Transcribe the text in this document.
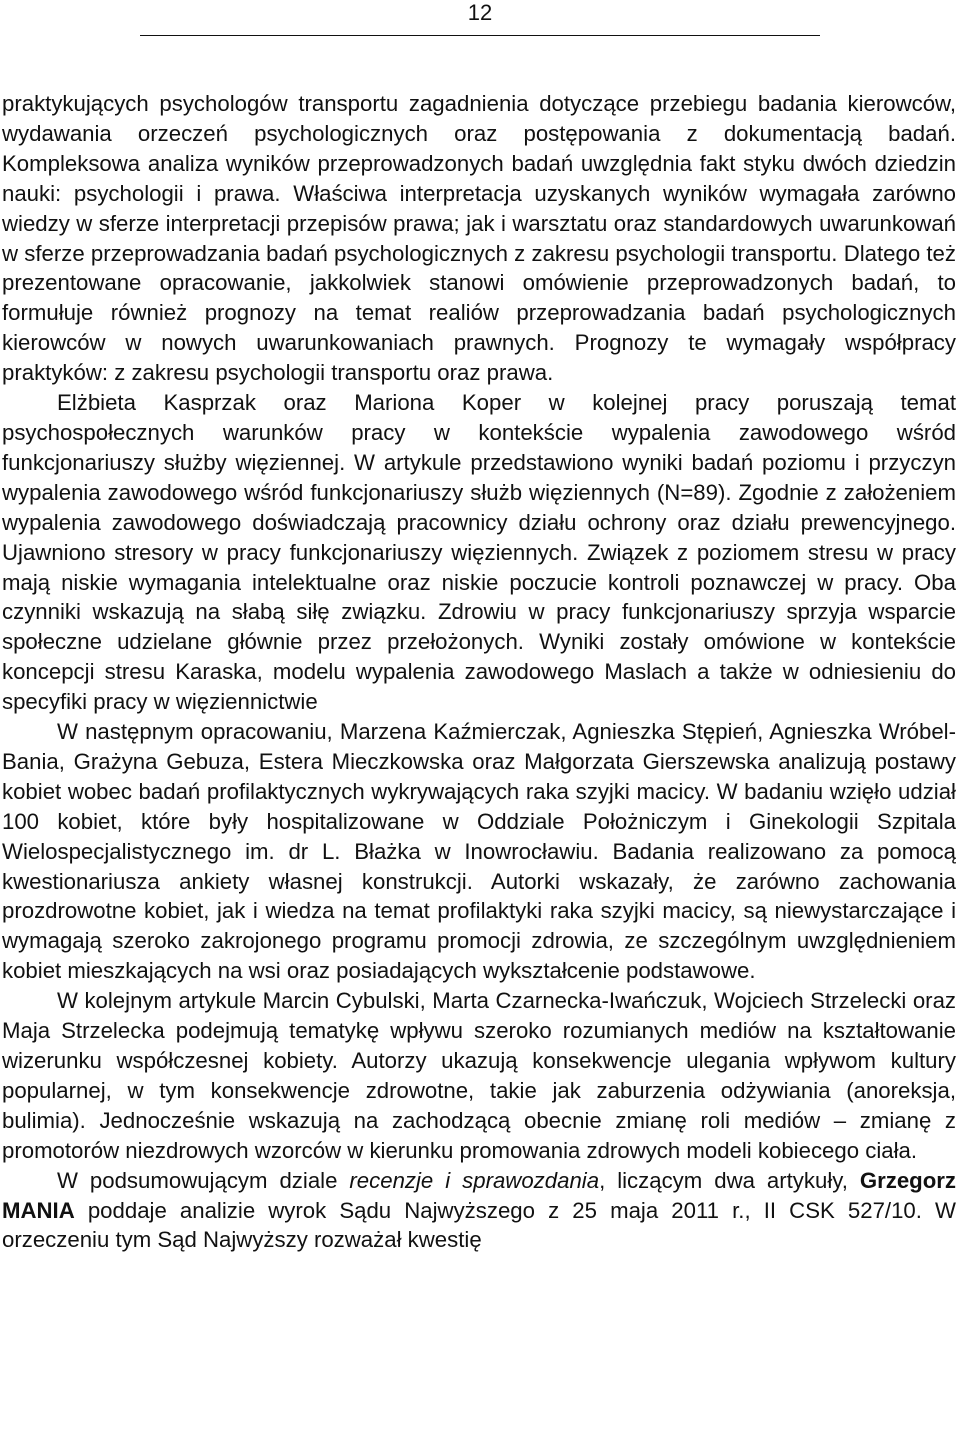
12

praktykujących psychologów transportu zagadnienia dotyczące przebiegu badania kierowców, wydawania orzeczeń psychologicznych oraz postępowania z dokumentacją badań. Kompleksowa analiza wyników przeprowadzonych badań uwzględnia fakt styku dwóch dziedzin nauki: psychologii i prawa. Właściwa interpretacja uzyskanych wyników wymagała zarówno wiedzy w sferze interpretacji przepisów prawa; jak i warsztatu oraz standardowych uwarunkowań w sferze przeprowadzania badań psychologicznych z zakresu psychologii transportu. Dlatego też prezentowane opracowanie, jakkolwiek stanowi omówienie przeprowadzonych badań, to formułuje również prognozy na temat realiów przeprowadzania badań psychologicznych kierowców w nowych uwarunkowaniach prawnych. Prognozy te wymagały współpracy praktyków: z zakresu psychologii transportu oraz prawa.

Elżbieta Kasprzak oraz Mariona Koper w kolejnej pracy poruszają temat psychospołecznych warunków pracy w kontekście wypalenia zawodowego wśród funkcjonariuszy służby więziennej. W artykule przedstawiono wyniki badań poziomu i przyczyn wypalenia zawodowego wśród funkcjonariuszy służb więziennych (N=89). Zgodnie z założeniem wypalenia zawodowego doświadczają pracownicy działu ochrony oraz działu prewencyjnego. Ujawniono stresory w pracy funkcjonariuszy więziennych. Związek z poziomem stresu w pracy mają niskie wymagania intelektualne oraz niskie poczucie kontroli poznawczej w pracy. Oba czynniki wskazują na słabą siłę związku. Zdrowiu w pracy funkcjonariuszy sprzyja wsparcie społeczne udzielane głównie przez przełożonych. Wyniki zostały omówione w kontekście koncepcji stresu Karaska, modelu wypalenia zawodowego Maslach a także w odniesieniu do specyfiki pracy w więziennictwie

W następnym opracowaniu, Marzena Kaźmierczak, Agnieszka Stępień, Agnieszka Wróbel-Bania, Grażyna Gebuza, Estera Mieczkowska oraz Małgorzata Gierszewska analizują postawy kobiet wobec badań profilaktycznych wykrywających raka szyjki macicy. W badaniu wzięło udział 100 kobiet, które były hospitalizowane w Oddziale Położniczym i Ginekologii Szpitala Wielospecjalistycznego im. dr L. Błażka w Inowrocławiu. Badania realizowano za pomocą kwestionariusza ankiety własnej konstrukcji. Autorki wskazały, że zarówno zachowania prozdrowotne kobiet, jak i wiedza na temat profilaktyki raka szyjki macicy, są niewystarczające i wymagają szeroko zakrojonego programu promocji zdrowia, ze szczególnym uwzględnieniem kobiet mieszkających na wsi oraz posiadających wykształcenie podstawowe.

W kolejnym artykule Marcin Cybulski, Marta Czarnecka-Iwańczuk, Wojciech Strzelecki oraz Maja Strzelecka podejmują tematykę wpływu szeroko rozumianych mediów na kształtowanie wizerunku współczesnej kobiety. Autorzy ukazują konsekwencje ulegania wpływom kultury popularnej, w tym konsekwencje zdrowotne, takie jak zaburzenia odżywiania (anoreksja, bulimia). Jednocześnie wskazują na zachodzącą obecnie zmianę roli mediów – zmianę z promotorów niezdrowych wzorców w kierunku promowania zdrowych modeli kobiecego ciała.

W podsumowującym dziale recenzje i sprawozdania, liczącym dwa artykuły, Grzegorz MANIA poddaje analizie wyrok Sądu Najwyższego z 25 maja 2011 r., II CSK 527/10. W orzeczeniu tym Sąd Najwyższy rozważał kwestię
